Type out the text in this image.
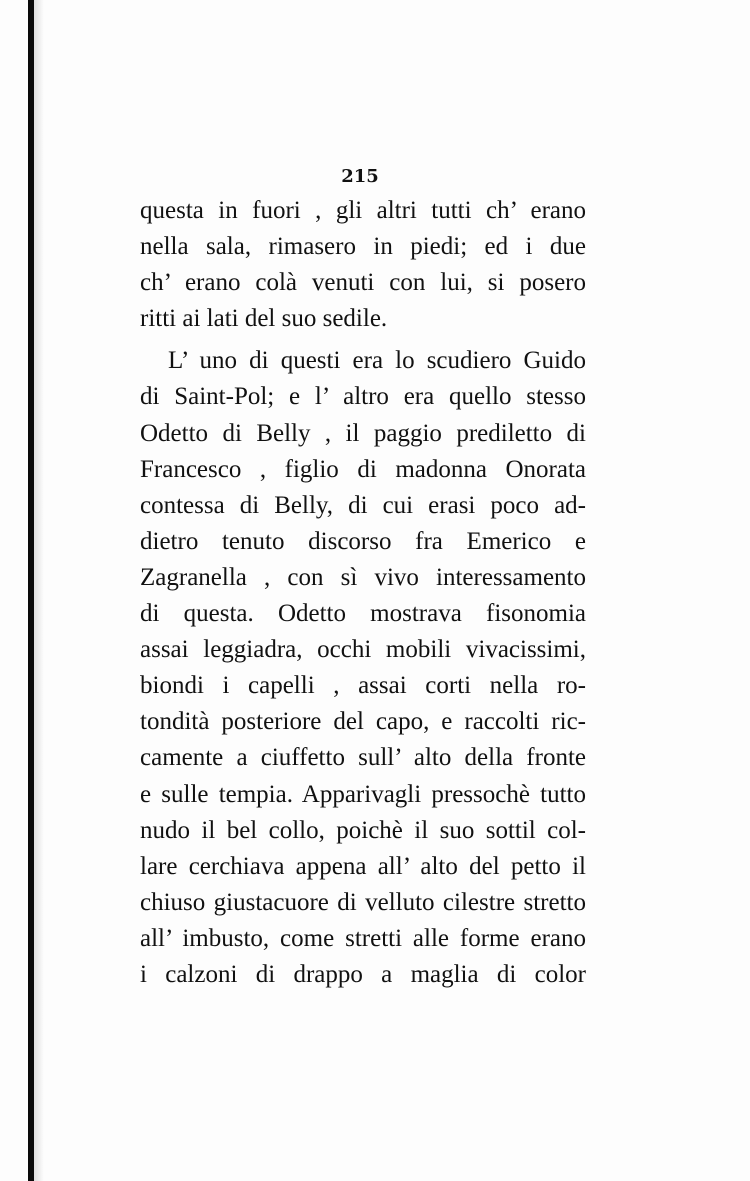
215
questa in fuori , gli altri tutti ch’ erano
nella sala, rimasero in piedi; ed i due
ch’ erano colà venuti con lui, si posero
ritti ai lati del suo sedile.
L’ uno di questi era lo scudiero Guido
di Saint-Pol; e l’ altro era quello stesso
Odetto di Belly , il paggio prediletto di
Francesco , figlio di madonna Onorata
contessa di Belly, di cui erasi poco ad-
dietro tenuto discorso fra Emerico e
Zagranella , con sì vivo interessamento
di questa. Odetto mostrava fisonomia
assai leggiadra, occhi mobili vivacissimi,
biondi i capelli , assai corti nella ro-
tondità posteriore del capo, e raccolti ric-
camente a ciuffetto sull’ alto della fronte
e sulle tempia. Apparivagli pressochè tutto
nudo il bel collo, poichè il suo sottil col-
lare cerchiava appena all’ alto del petto il
chiuso giustacuore di velluto cilestre stretto
all’ imbusto, come stretti alle forme erano
i calzoni di drappo a maglia di color
